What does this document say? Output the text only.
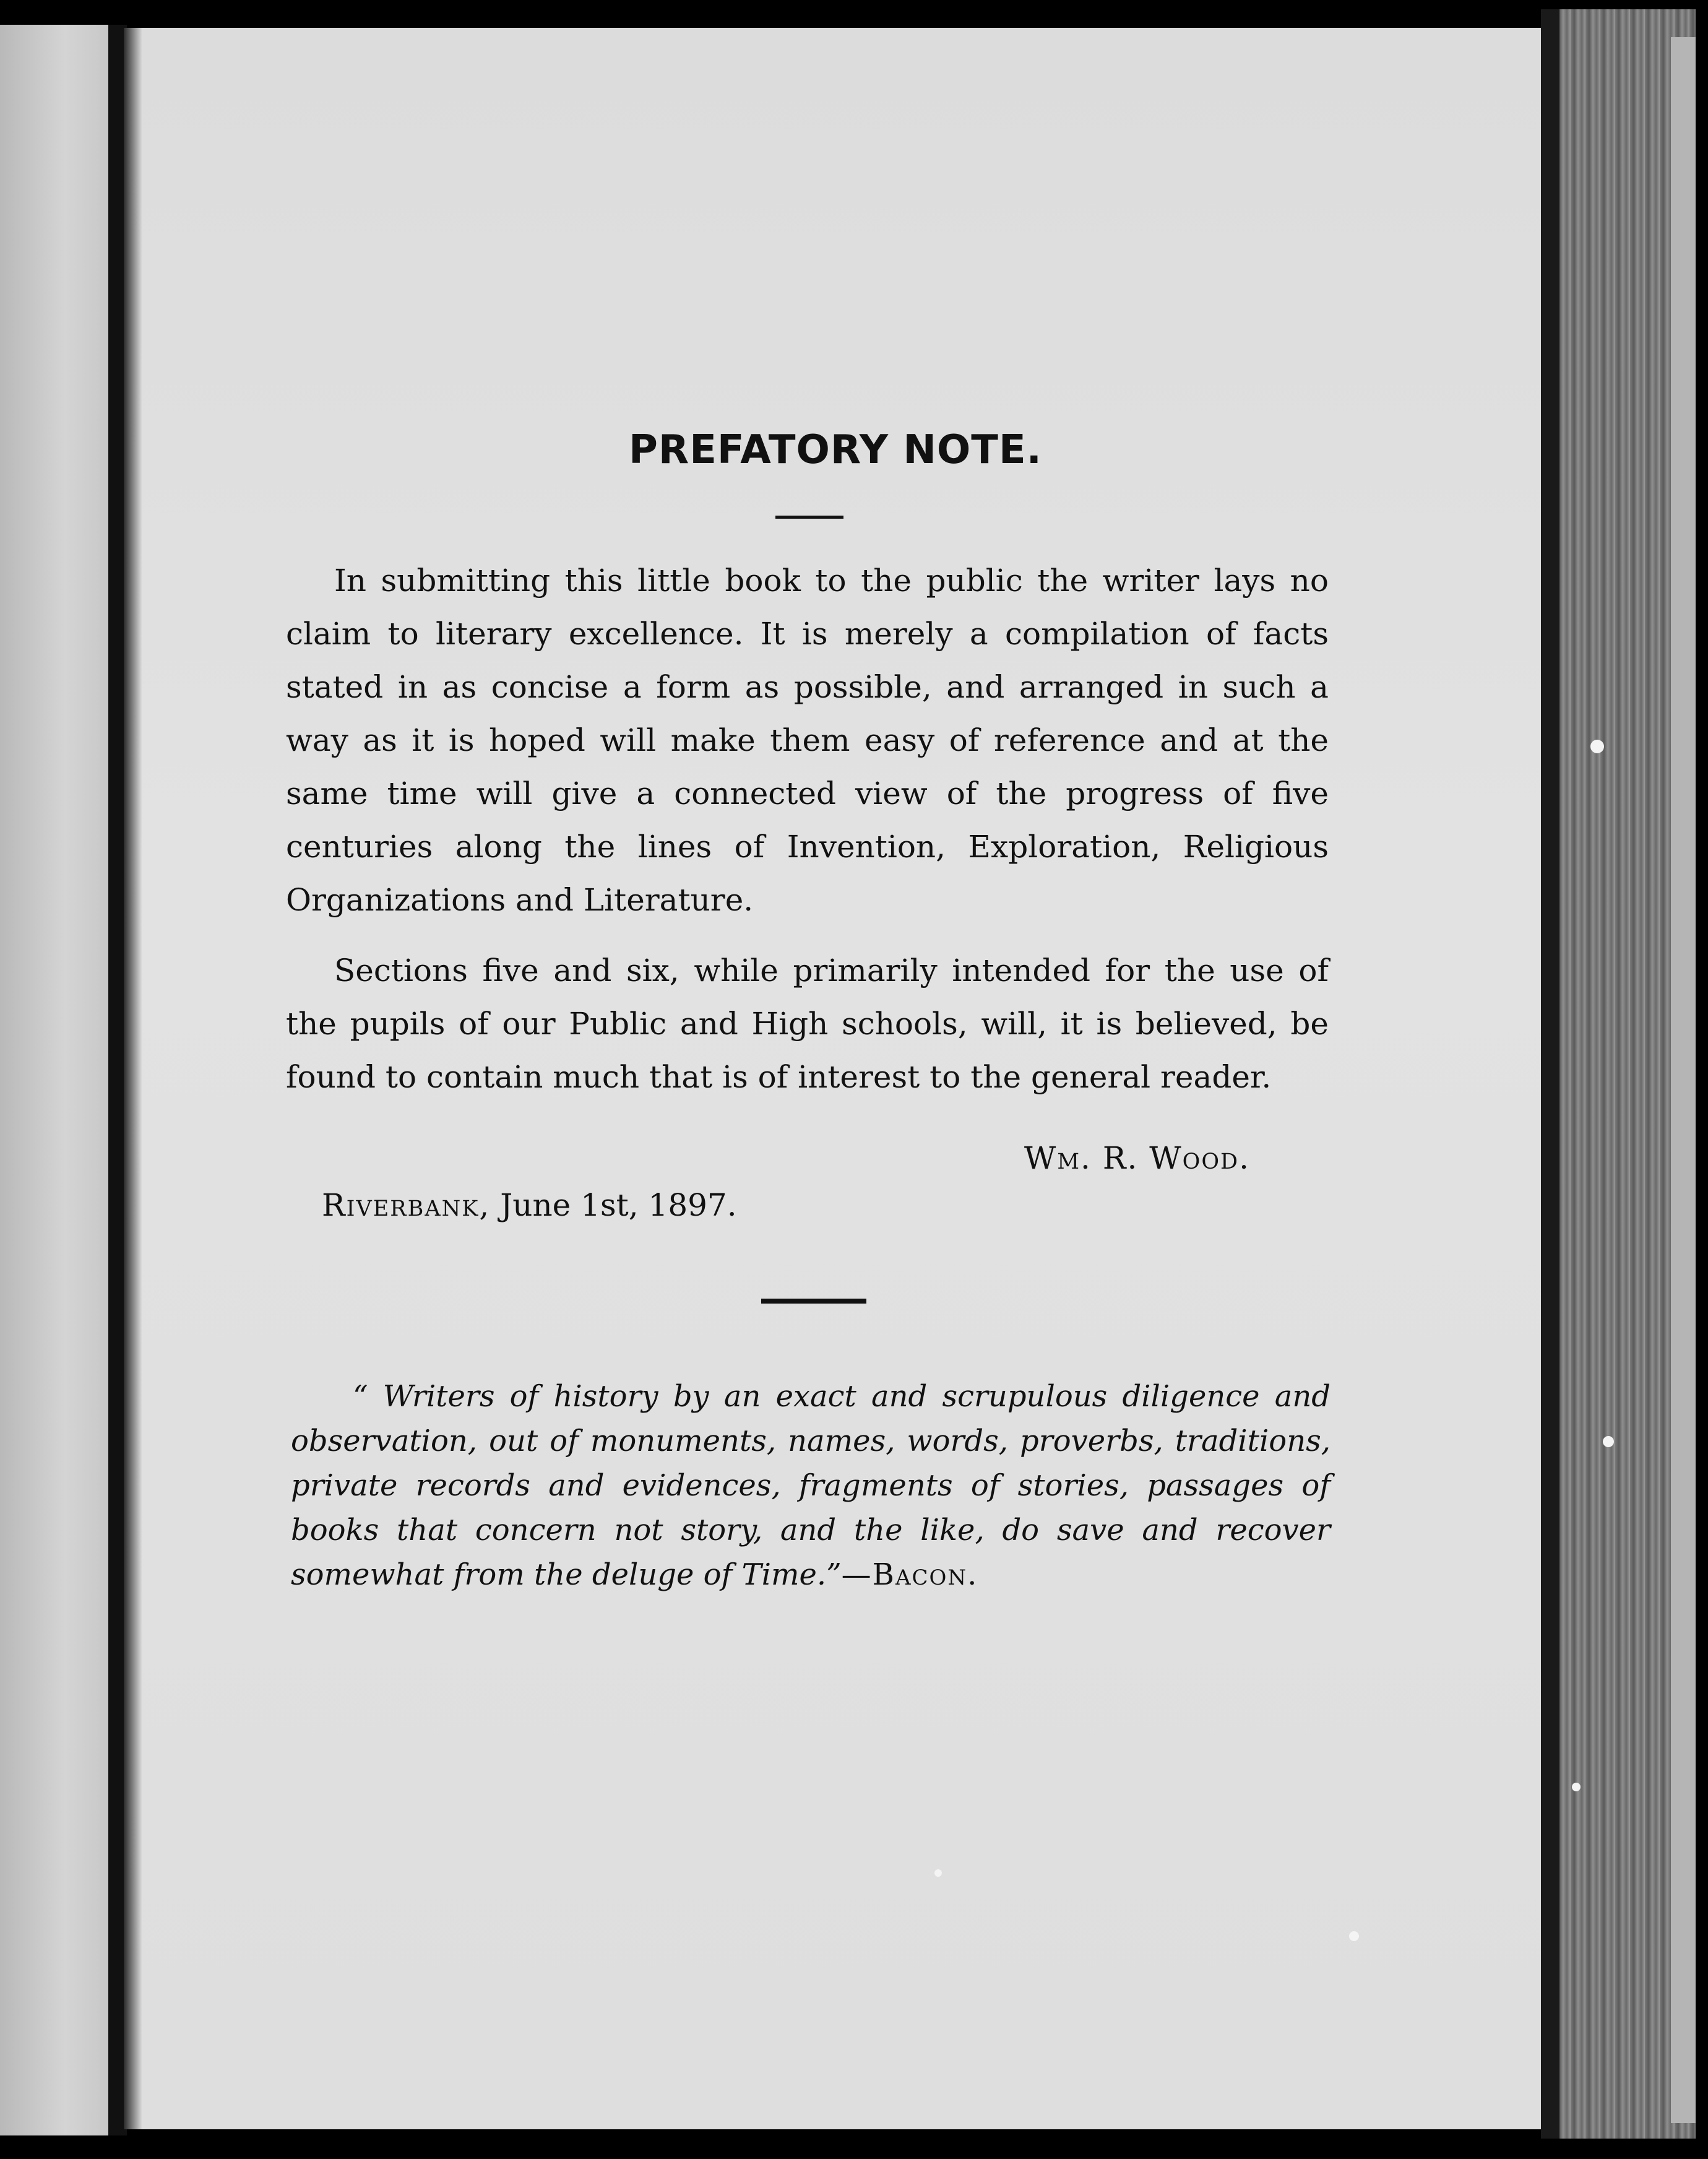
PREFATORY NOTE.
In submitting this little book to the public the writer lays no claim to literary excellence. It is merely a compilation of facts stated in as concise a form as possible, and arranged in such a way as it is hoped will make them easy of reference and at the same time will give a connected view of the progress of five centuries along the lines of Invention, Exploration, Religious Organizations and Literature.
Sections five and six, while primarily intended for the use of the pupils of our Public and High schools, will, it is believed, be found to contain much that is of interest to the general reader.
Wm. R. Wood.
Riverbank, June 1st, 1897.
“ Writers of history by an exact and scrupulous diligence and observation, out of monuments, names, words, proverbs, traditions, private records and evidences, fragments of stories, passages of books that concern not story, and the like, do save and recover somewhat from the deluge of Time.”—Bacon.
